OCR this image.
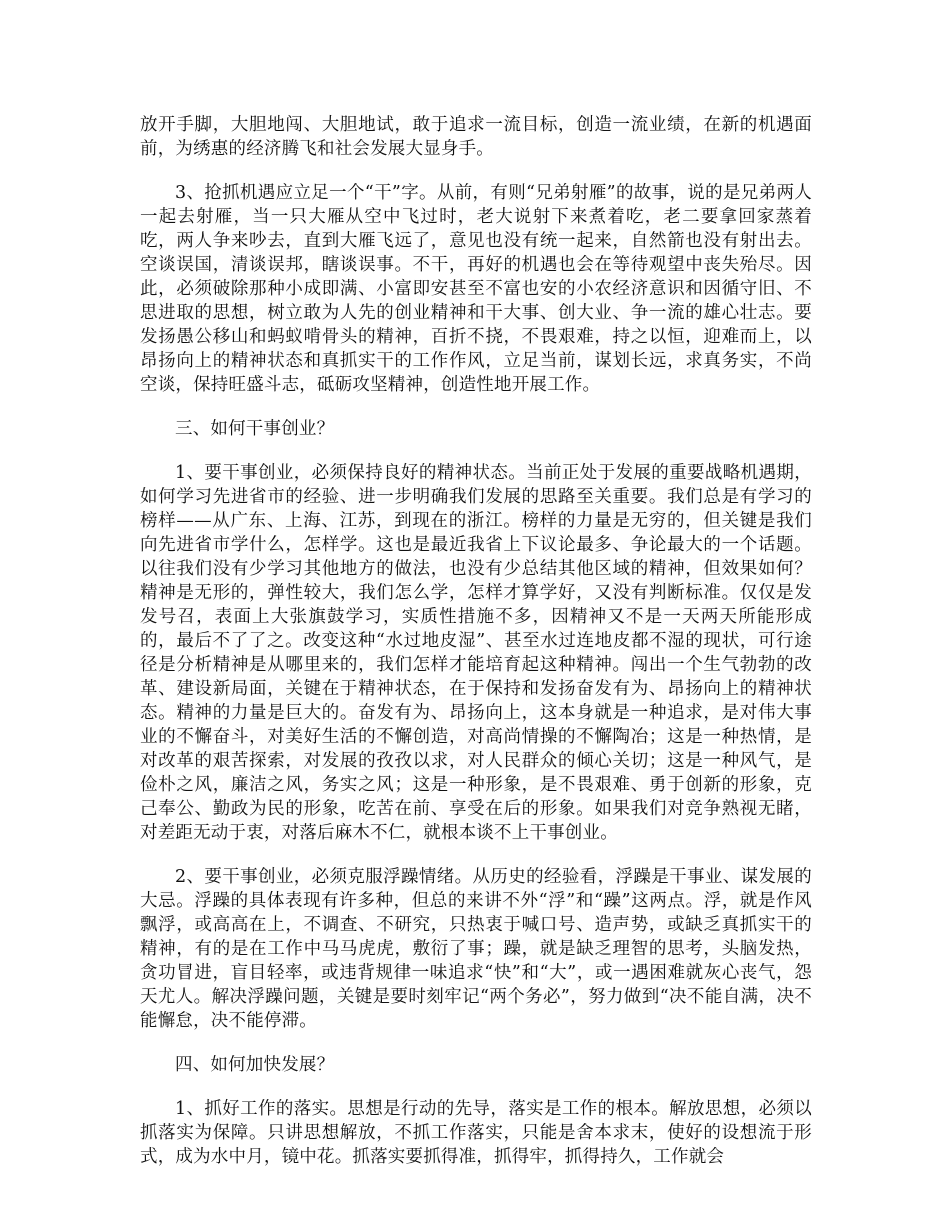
放开手脚，大胆地闯、大胆地试，敢于追求一流目标，创造一流业绩，在新的机遇面前，为绣惠的经济腾飞和社会发展大显身手。

3、抢抓机遇应立足一个“干”字。从前，有则“兄弟射雁”的故事，说的是兄弟两人一起去射雁，当一只大雁从空中飞过时，老大说射下来煮着吃，老二要拿回家蒸着吃，两人争来吵去，直到大雁飞远了，意见也没有统一起来，自然箭也没有射出去。空谈误国，清谈误邦，瞎谈误事。不干，再好的机遇也会在等待观望中丧失殆尽。因此，必须破除那种小成即满、小富即安甚至不富也安的小农经济意识和因循守旧、不思进取的思想，树立敢为人先的创业精神和干大事、创大业、争一流的雄心壮志。要发扬愚公移山和蚂蚁啃骨头的精神，百折不挠，不畏艰难，持之以恒，迎难而上，以昂扬向上的精神状态和真抓实干的工作作风，立足当前，谋划长远，求真务实，不尚空谈，保持旺盛斗志，砥砺攻坚精神，创造性地开展工作。

三、如何干事创业？

1、要干事创业，必须保持良好的精神状态。当前正处于发展的重要战略机遇期，如何学习先进省市的经验、进一步明确我们发展的思路至关重要。我们总是有学习的榜样——从广东、上海、江苏，到现在的浙江。榜样的力量是无穷的，但关键是我们向先进省市学什么，怎样学。这也是最近我省上下议论最多、争论最大的一个话题。以往我们没有少学习其他地方的做法，也没有少总结其他区域的精神，但效果如何？精神是无形的，弹性较大，我们怎么学，怎样才算学好，又没有判断标准。仅仅是发发号召，表面上大张旗鼓学习，实质性措施不多，因精神又不是一天两天所能形成的，最后不了了之。改变这种“水过地皮湿”、甚至水过连地皮都不湿的现状，可行途径是分析精神是从哪里来的，我们怎样才能培育起这种精神。闯出一个生气勃勃的改革、建设新局面，关键在于精神状态，在于保持和发扬奋发有为、昂扬向上的精神状态。精神的力量是巨大的。奋发有为、昂扬向上，这本身就是一种追求，是对伟大事业的不懈奋斗，对美好生活的不懈创造，对高尚情操的不懈陶冶；这是一种热情，是对改革的艰苦探索，对发展的孜孜以求，对人民群众的倾心关切；这是一种风气，是俭朴之风，廉洁之风，务实之风；这是一种形象，是不畏艰难、勇于创新的形象，克己奉公、勤政为民的形象，吃苦在前、享受在后的形象。如果我们对竞争熟视无睹，对差距无动于衷，对落后麻木不仁，就根本谈不上干事创业。

2、要干事创业，必须克服浮躁情绪。从历史的经验看，浮躁是干事业、谋发展的大忌。浮躁的具体表现有许多种，但总的来讲不外“浮”和“躁”这两点。浮，就是作风飘浮，或高高在上，不调查、不研究，只热衷于喊口号、造声势，或缺乏真抓实干的精神，有的是在工作中马马虎虎，敷衍了事；躁，就是缺乏理智的思考，头脑发热，贪功冒进，盲目轻率，或违背规律一味追求“快”和“大”，或一遇困难就灰心丧气，怨天尤人。解决浮躁问题，关键是要时刻牢记“两个务必”，努力做到“决不能自满，决不能懈怠，决不能停滞。

四、如何加快发展？

1、抓好工作的落实。思想是行动的先导，落实是工作的根本。解放思想，必须以抓落实为保障。只讲思想解放，不抓工作落实，只能是舍本求末，使好的设想流于形式，成为水中月，镜中花。抓落实要抓得准，抓得牢，抓得持久，工作就会
